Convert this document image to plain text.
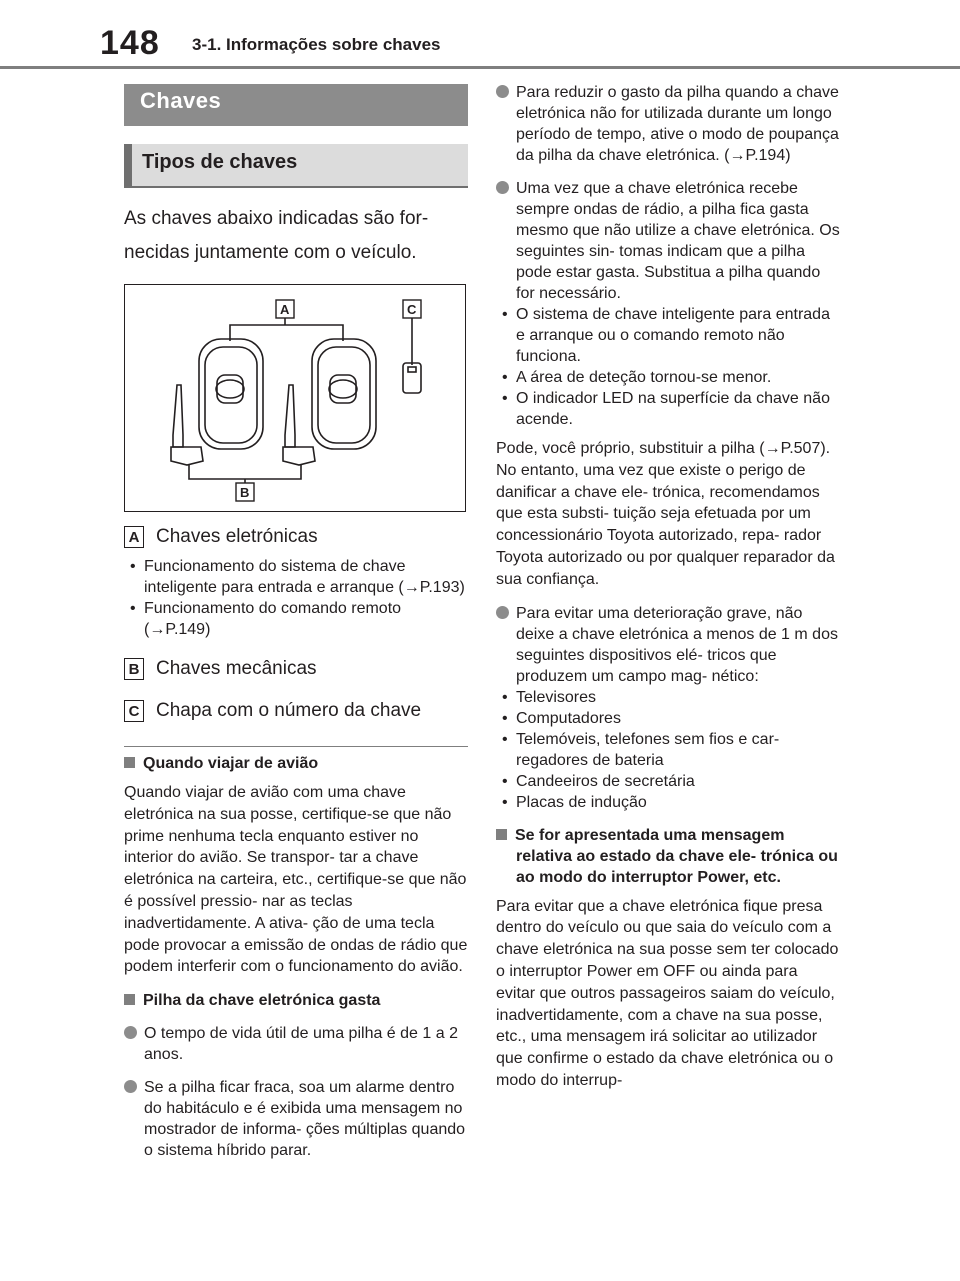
148 3-1. Informações sobre chaves
Chaves
Tipos de chaves
As chaves abaixo indicadas são for- necidas juntamente com o veículo.
A	C
B
A Chaves eletrónicas
• Funcionamento do sistema de chave inteligente para entrada e arranque (→P.193)
• Funcionamento do comando remoto (→P.149)
B Chaves mecânicas
C Chapa com o número da chave
Quando viajar de avião
Quando viajar de avião com uma chave eletrónica na sua posse, certifique-se que não prime nenhuma tecla enquanto estiver no interior do avião. Se transpor- tar a chave eletrónica na carteira, etc., certifique-se que não é possível pressio- nar as teclas inadvertidamente. A ativa- ção de uma tecla pode provocar a emissão de ondas de rádio que podem interferir com o funcionamento do avião.
Pilha da chave eletrónica gasta
O tempo de vida útil de uma pilha é de 1 a 2 anos.
Se a pilha ficar fraca, soa um alarme dentro do habitáculo e é exibida uma mensagem no mostrador de informa- ções múltiplas quando o sistema híbrido parar.
Para reduzir o gasto da pilha quando a chave eletrónica não for utilizada durante um longo período de tempo, ative o modo de poupança da pilha da chave eletrónica. (→P.194)
Uma vez que a chave eletrónica recebe sempre ondas de rádio, a pilha fica gasta mesmo que não utilize a chave eletrónica. Os seguintes sin- tomas indicam que a pilha pode estar gasta. Substitua a pilha quando for necessário.
• O sistema de chave inteligente para entrada e arranque ou o comando remoto não funciona.
• A área de deteção tornou-se menor.
• O indicador LED na superfície da chave não acende.
Pode, você próprio, substituir a pilha (→P.507). No entanto, uma vez que existe o perigo de danificar a chave ele- trónica, recomendamos que esta substi- tuição seja efetuada por um concessionário Toyota autorizado, repa- rador Toyota autorizado ou por qualquer reparador da sua confiança.
Para evitar uma deterioração grave, não deixe a chave eletrónica a menos de 1 m dos seguintes dispositivos elé- tricos que produzem um campo mag- nético:
• Televisores
• Computadores
• Telemóveis, telefones sem fios e car- regadores de bateria
• Candeeiros de secretária
• Placas de indução
Se for apresentada uma mensagem relativa ao estado da chave ele- trónica ou ao modo do interruptor Power, etc.
Para evitar que a chave eletrónica fique presa dentro do veículo ou que saia do veículo com a chave eletrónica na sua posse sem ter colocado o interruptor Power em OFF ou ainda para evitar que outros passageiros saiam do veículo, inadvertidamente, com a chave na sua posse, etc., uma mensagem irá solicitar ao utilizador que confirme o estado da chave eletrónica ou o modo do interrup-
